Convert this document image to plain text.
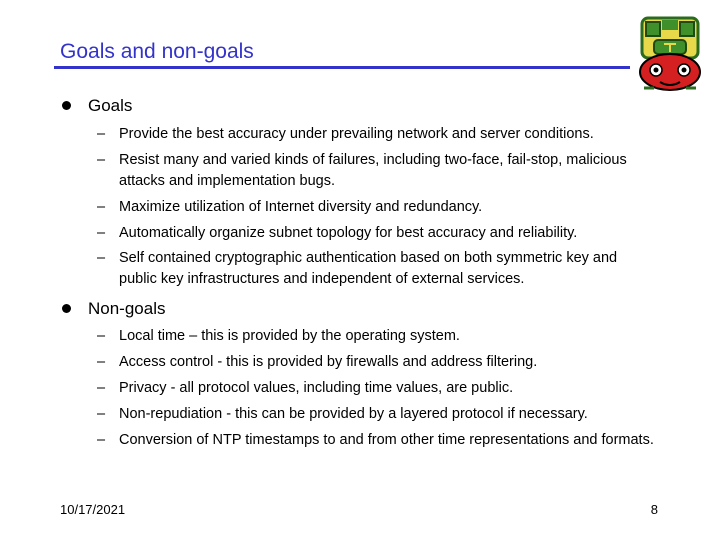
Goals and non-goals
Goals
– Provide the best accuracy under prevailing network and server conditions.
– Resist many and varied kinds of failures, including two-face, fail-stop, malicious attacks and implementation bugs.
– Maximize utilization of Internet diversity and redundancy.
– Automatically organize subnet topology for best accuracy and reliability.
– Self contained cryptographic authentication based on both symmetric key and public key infrastructures and independent of external services.
Non-goals
– Local time – this is provided by the operating system.
– Access control - this is provided by firewalls and address filtering.
– Privacy - all protocol values, including time values, are public.
– Non-repudiation - this can be provided by a layered protocol if necessary.
– Conversion of NTP timestamps to and from other time representations and formats.
10/17/2021	8
